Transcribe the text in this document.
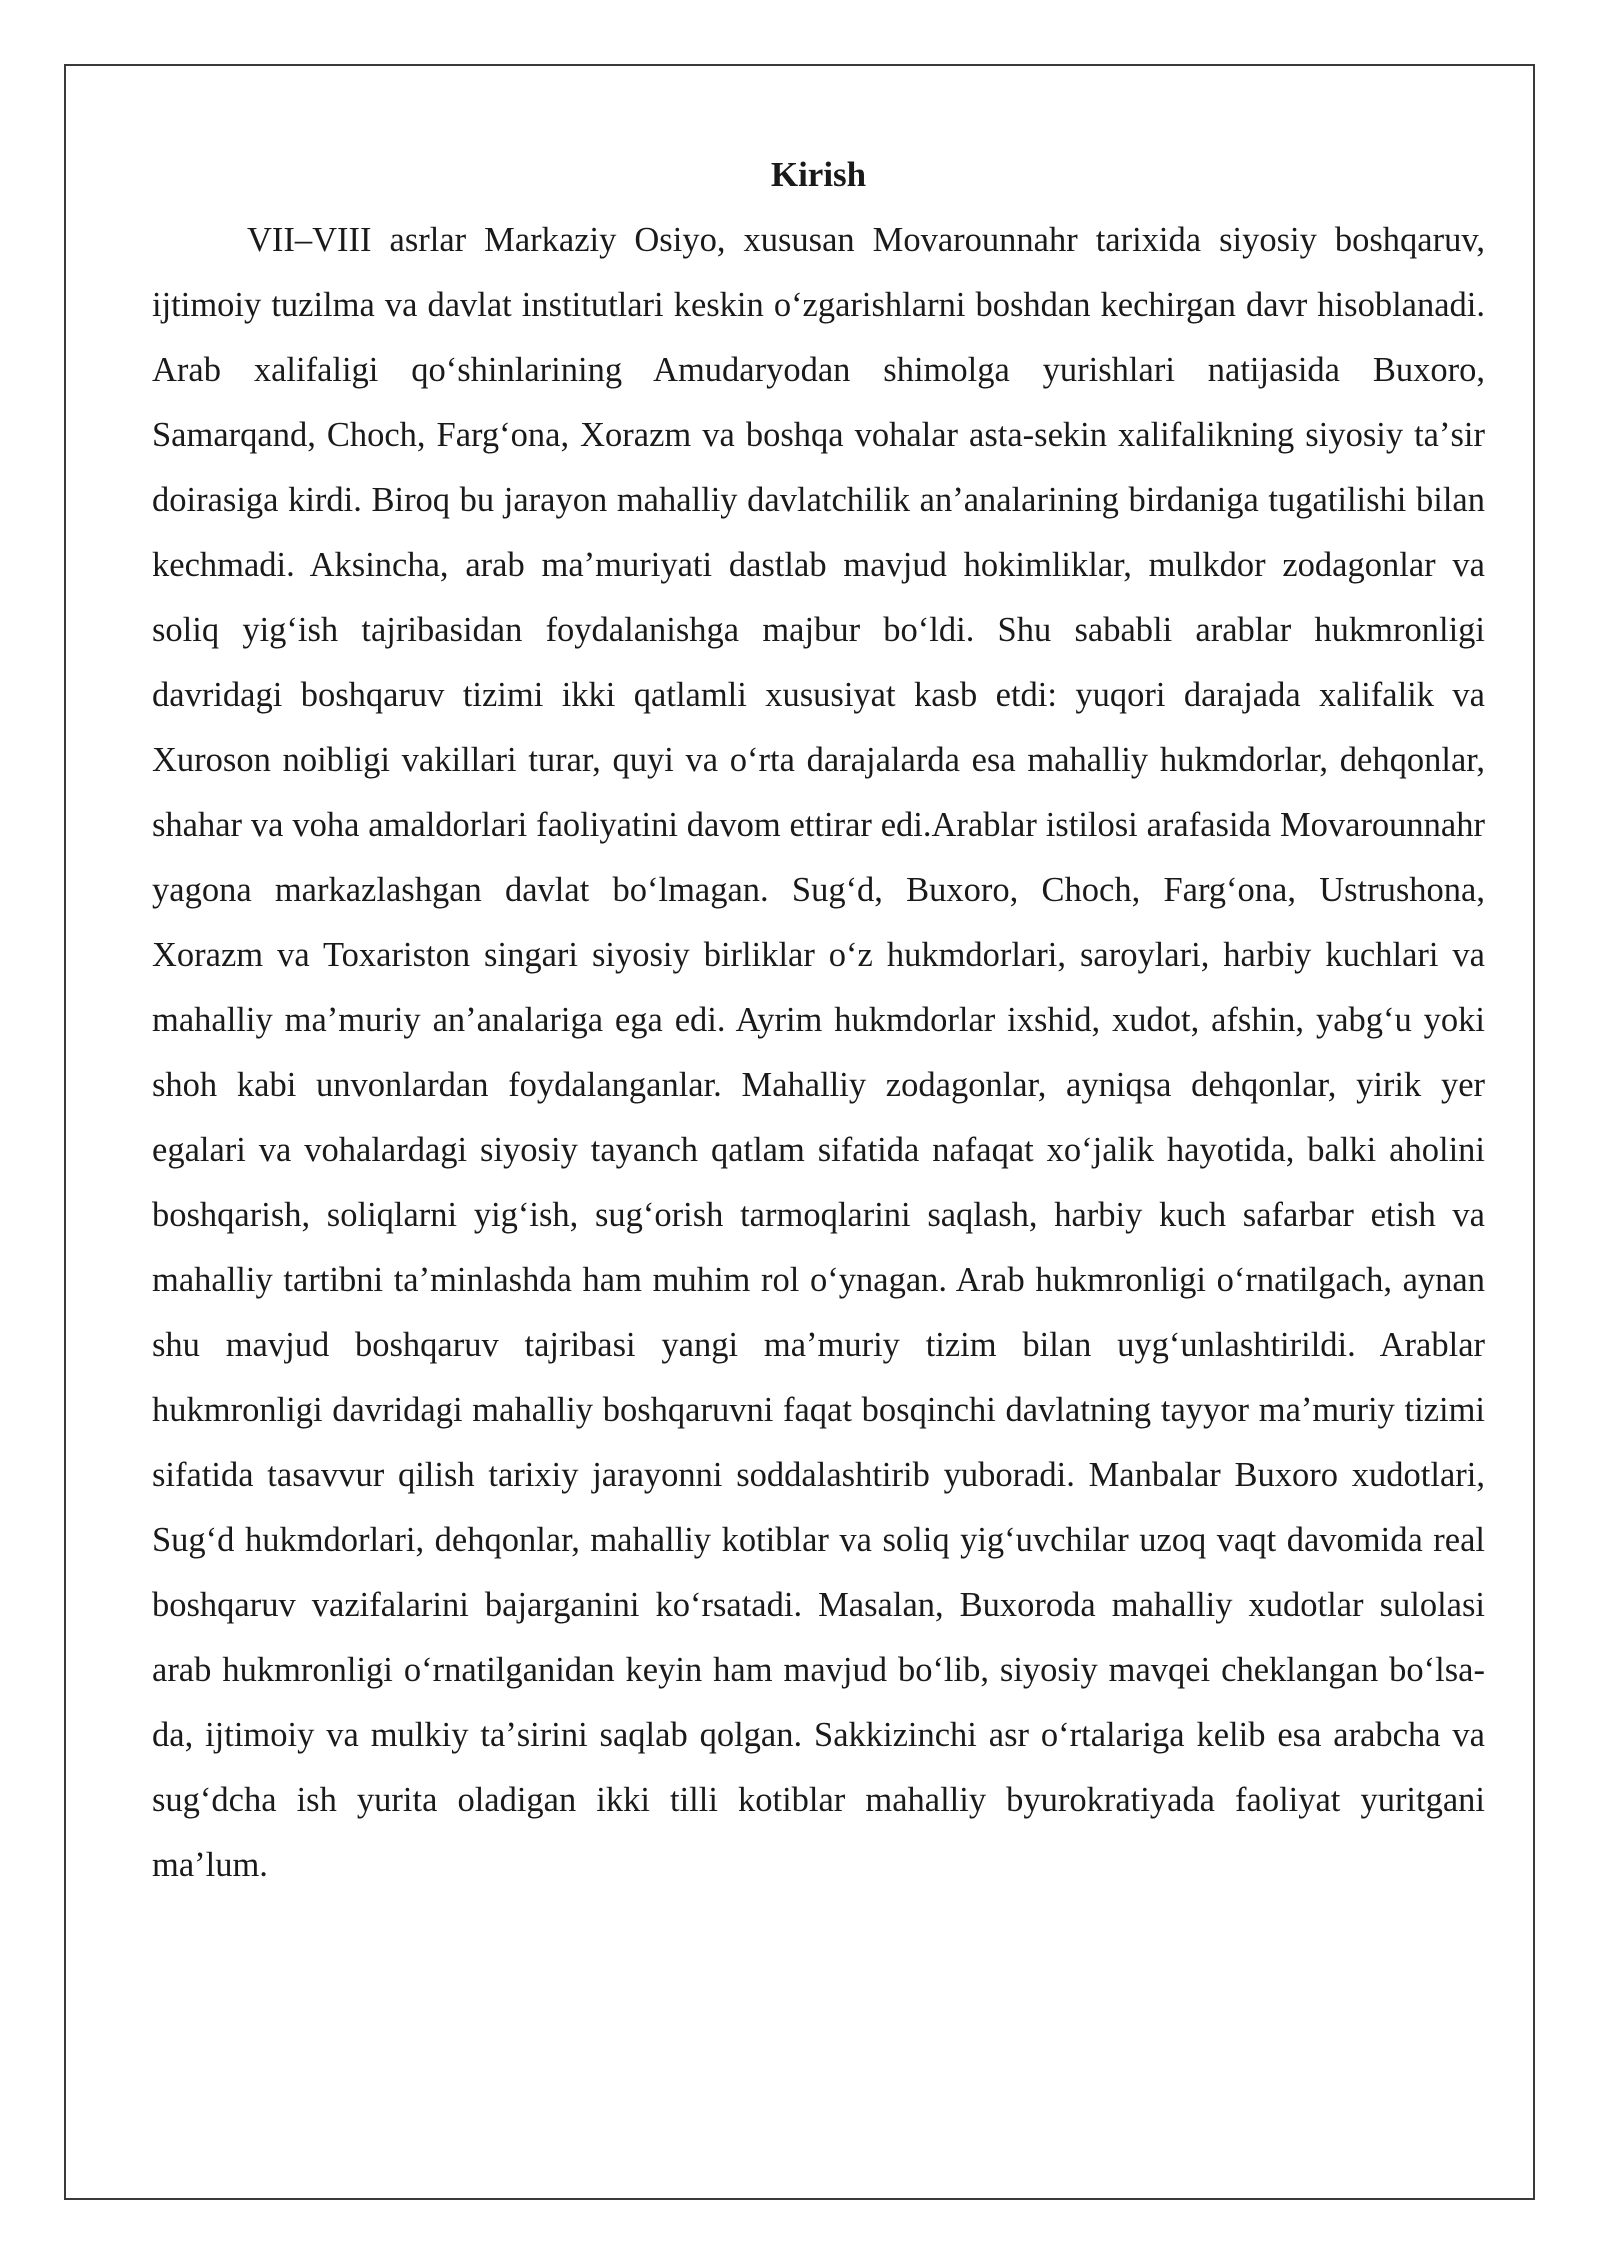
Kirish

VII–VIII asrlar Markaziy Osiyo, xususan Movarounnahr tarixida siyosiy boshqaruv, ijtimoiy tuzilma va davlat institutlari keskin oʻzgarishlarni boshdan kechirgan davr hisoblanadi. Arab xalifaligi qoʻshinlarining Amudaryodan shimolga yurishlari natijasida Buxoro, Samarqand, Choch, Fargʻona, Xorazm va boshqa vohalar asta-sekin xalifalikning siyosiy taʼsir doirasiga kirdi. Biroq bu jarayon mahalliy davlatchilik anʼanalarining birdaniga tugatilishi bilan kechmadi. Aksincha, arab maʼmuriyati dastlab mavjud hokimliklar, mulkdor zodagonlar va soliq yigʻish tajribasidan foydalanishga majbur boʻldi. Shu sababli arablar hukmronligi davridagi boshqaruv tizimi ikki qatlamli xususiyat kasb etdi: yuqori darajada xalifalik va Xuroson noibligi vakillari turar, quyi va oʻrta darajalarda esa mahalliy hukmdorlar, dehqonlar, shahar va voha amaldorlari faoliyatini davom ettirar edi.Arablar istilosi arafasida Movarounnahr yagona markazlashgan davlat boʻlmagan. Sugʻd, Buxoro, Choch, Fargʻona, Ustrushona, Xorazm va Toxariston singari siyosiy birliklar oʻz hukmdorlari, saroylari, harbiy kuchlari va mahalliy maʼmuriy anʼanalariga ega edi. Ayrim hukmdorlar ixshid, xudot, afshin, yabgʻu yoki shoh kabi unvonlardan foydalanganlar. Mahalliy zodagonlar, ayniqsa dehqonlar, yirik yer egalari va vohalardagi siyosiy tayanch qatlam sifatida nafaqat xoʻjalik hayotida, balki aholini boshqarish, soliqlarni yigʻish, sugʻorish tarmoqlarini saqlash, harbiy kuch safarbar etish va mahalliy tartibni taʼminlashda ham muhim rol oʻynagan. Arab hukmronligi oʻrnatilgach, aynan shu mavjud boshqaruv tajribasi yangi maʼmuriy tizim bilan uygʻunlashtirildi. Arablar hukmronligi davridagi mahalliy boshqaruvni faqat bosqinchi davlatning tayyor maʼmuriy tizimi sifatida tasavvur qilish tarixiy jarayonni soddalashtirib yuboradi. Manbalar Buxoro xudotlari, Sugʻd hukmdorlari, dehqonlar, mahalliy kotiblar va soliq yigʻuvchilar uzoq vaqt davomida real boshqaruv vazifalarini bajarganini koʻrsatadi. Masalan, Buxoroda mahalliy xudotlar sulolasi arab hukmronligi oʻrnatilganidan keyin ham mavjud boʻlib, siyosiy mavqei cheklangan boʻlsa-da, ijtimoiy va mulkiy taʼsirini saqlab qolgan. Sakkizinchi asr oʻrtalariga kelib esa arabcha va sugʻdcha ish yurita oladigan ikki tilli kotiblar mahalliy byurokratiyada faoliyat yuritgani maʼlum.
